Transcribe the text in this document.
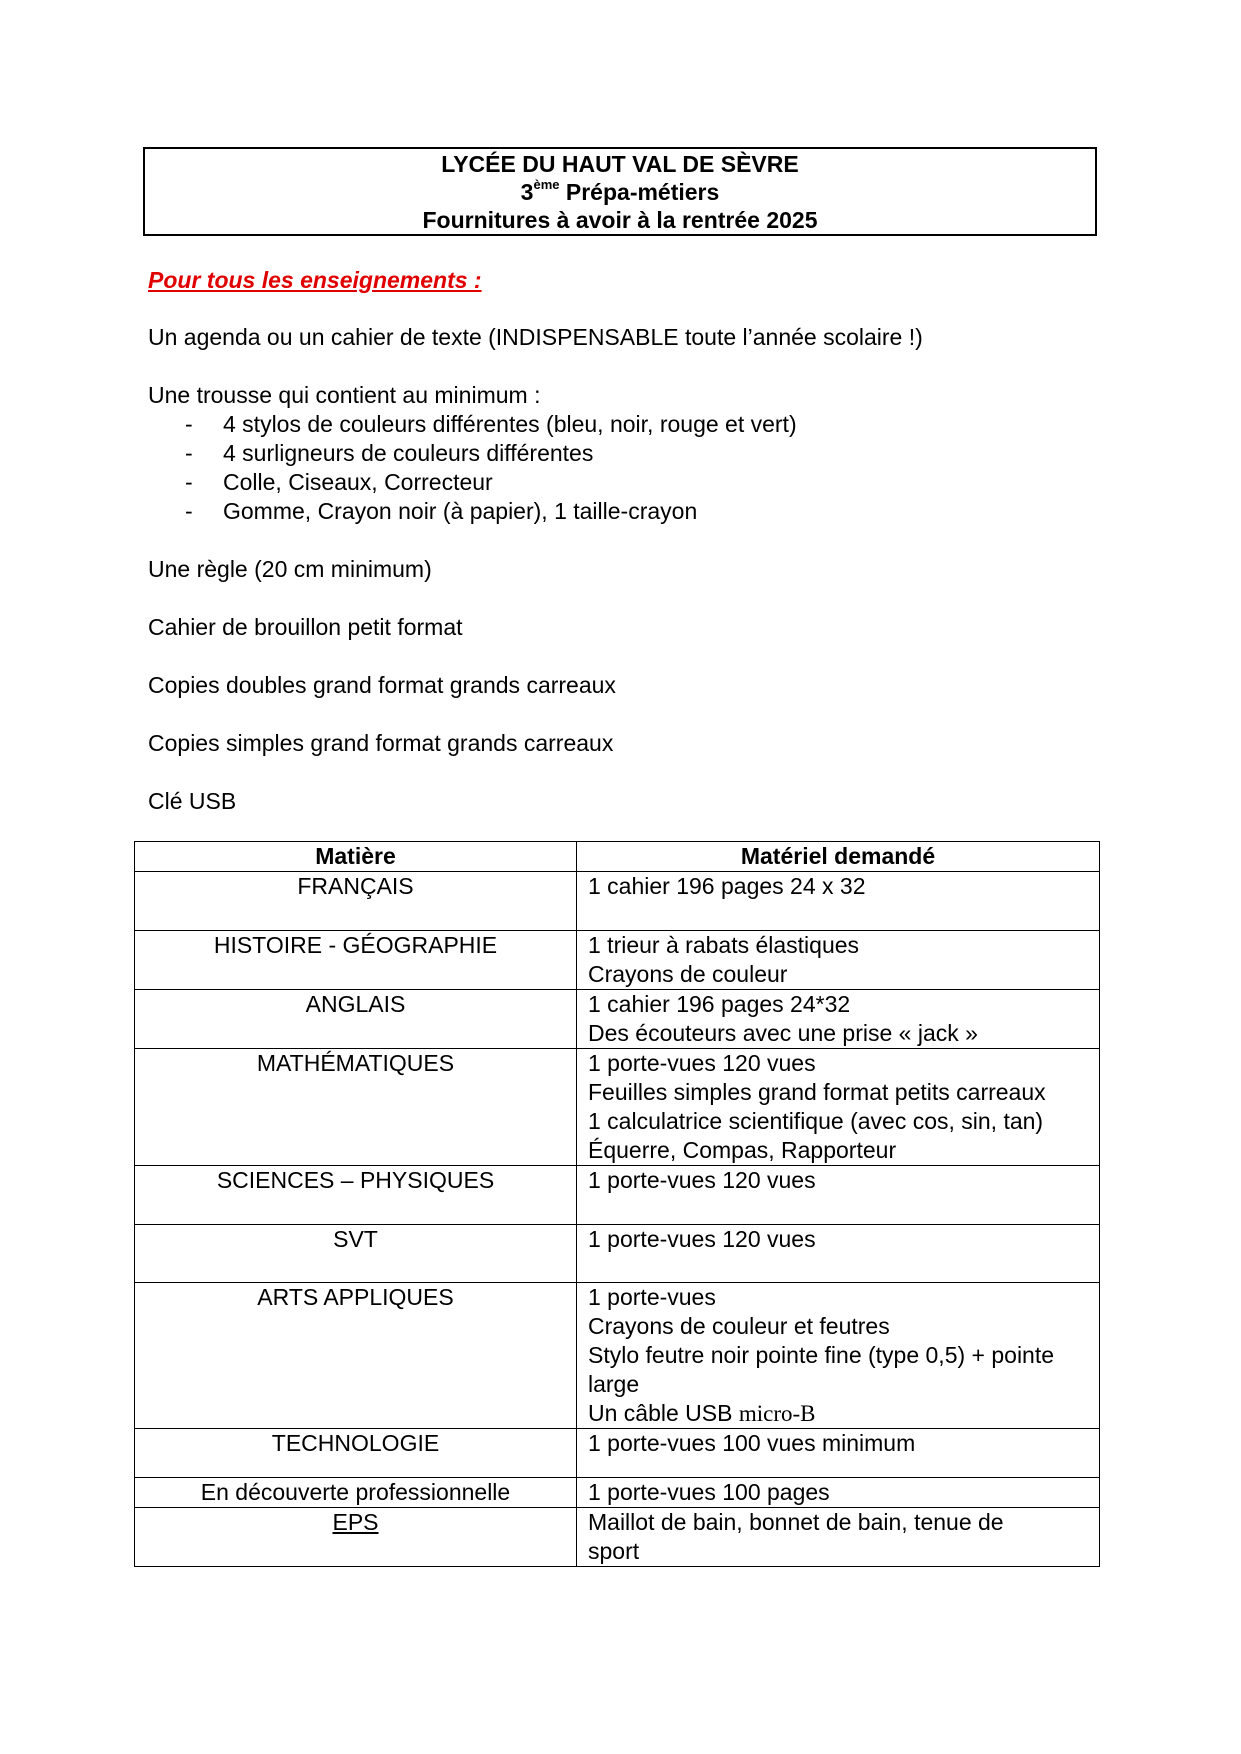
LYCÉE DU HAUT VAL DE SÈVRE
3ème Prépa-métiers
Fournitures à avoir à la rentrée 2025
Pour tous les enseignements :

Un agenda ou un cahier de texte (INDISPENSABLE toute l’année scolaire !)

Une trousse qui contient au minimum :

- 4 stylos de couleurs différentes (bleu, noir, rouge et vert)
- 4 surligneurs de couleurs différentes
- Colle, Ciseaux, Correcteur
- Gomme, Crayon noir (à papier), 1 taille-crayon

Une règle (20 cm minimum)

Cahier de brouillon petit format

Copies doubles grand format grands carreaux

Copies simples grand format grands carreaux

Clé USB

Matière	Matériel demandé
FRANÇAIS	1 cahier 196 pages 24 x 32

HISTOIRE - GÉOGRAPHIE	1 trieur à rabats élastiques
Crayons de couleur

ANGLAIS	1 cahier 196 pages 24*32
Des écouteurs avec une prise « jack »

MATHÉMATIQUES	1 porte-vues 120 vues
Feuilles simples grand format petits carreaux
1 calculatrice scientifique (avec cos, sin, tan)
Équerre, Compas, Rapporteur

SCIENCES – PHYSIQUES	1 porte-vues 120 vues

SVT	1 porte-vues 120 vues

ARTS APPLIQUES	1 porte-vues
Crayons de couleur et feutres
Stylo feutre noir pointe fine (type 0,5) + pointe large
Un câble USB micro-B

TECHNOLOGIE	1 porte-vues 100 vues minimum

En découverte professionnelle	1 porte-vues 100 pages

EPS	Maillot de bain, bonnet de bain, tenue de sport
